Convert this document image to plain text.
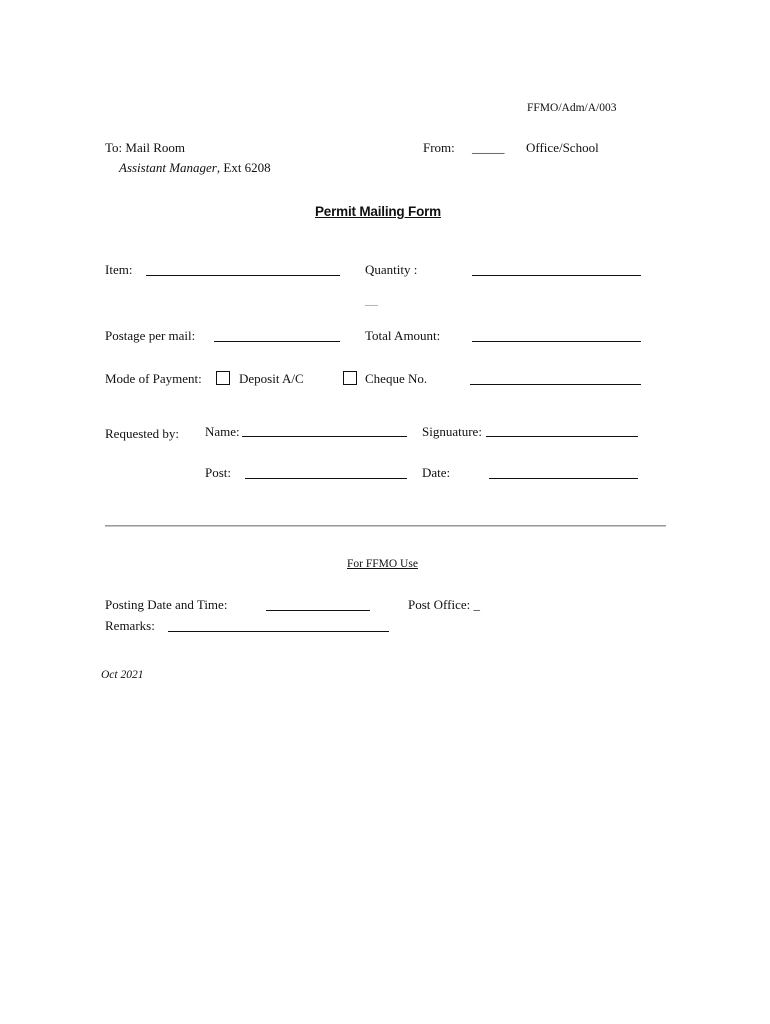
FFMO/Adm/A/003
To: Mail Room
Assistant Manager, Ext 6208
From: _____ Office/School
Permit Mailing Form
Item:	Quantity :
__
Postage per mail:	Total Amount:
Mode of Payment:	Deposit A/C	Cheque No.
Requested by: Name:	Signuature:
Post:	Date:
For FFMO Use
Posting Date and Time:	Post Office: _
Remarks:
Oct 2021
